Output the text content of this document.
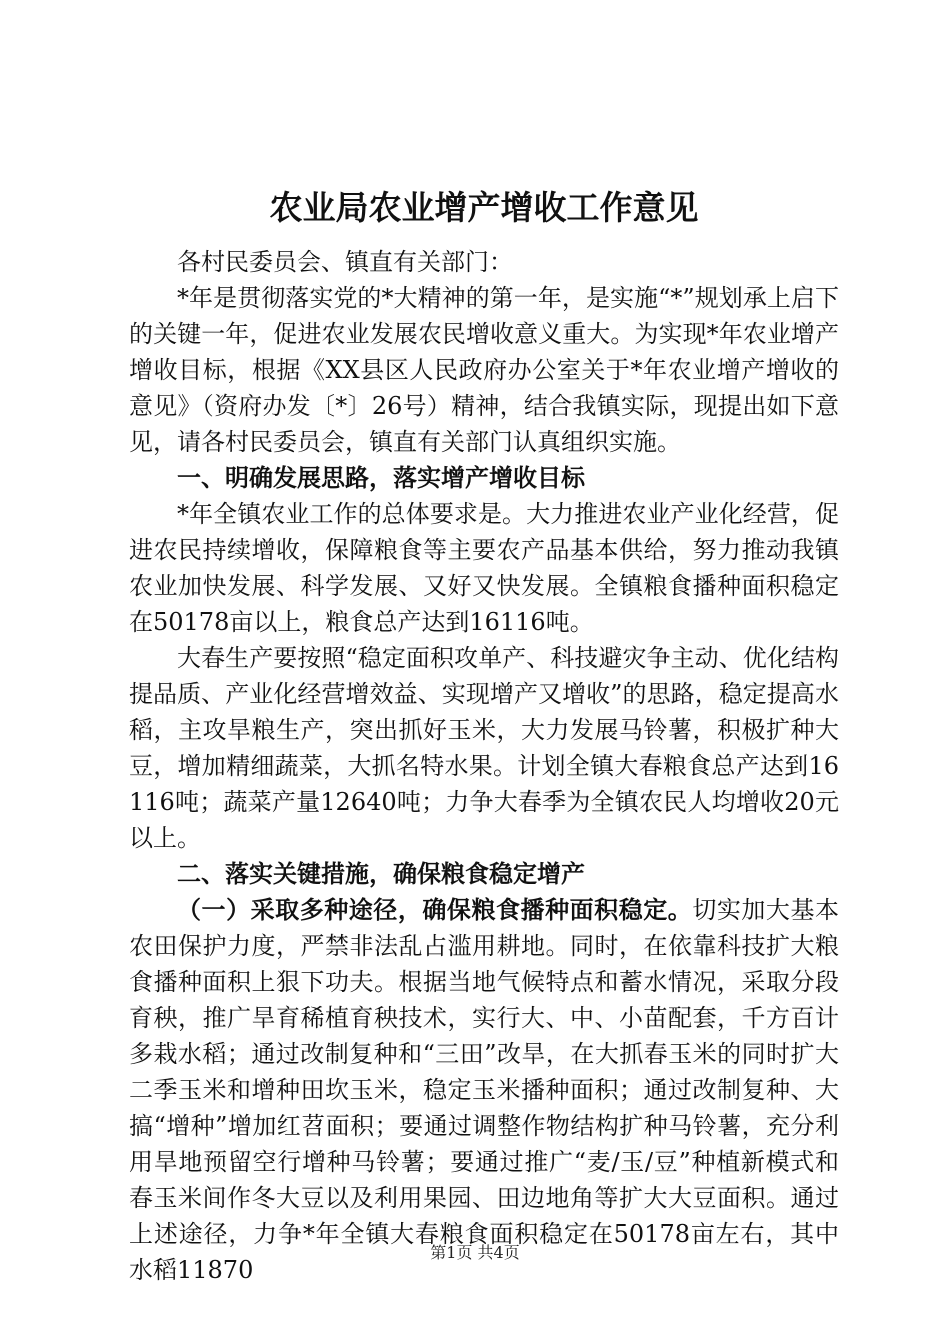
农业局农业增产增收工作意见

各村民委员会、镇直有关部门：

*年是贯彻落实党的*大精神的第一年，是实施“*”规划承上启下的关键一年，促进农业发展农民增收意义重大。为实现*年农业增产增收目标，根据《XX县区人民政府办公室关于*年农业增产增收的意见》（资府办发〔*〕26号）精神，结合我镇实际，现提出如下意见，请各村民委员会，镇直有关部门认真组织实施。

一、明确发展思路，落实增产增收目标

*年全镇农业工作的总体要求是。大力推进农业产业化经营，促进农民持续增收，保障粮食等主要农产品基本供给，努力推动我镇农业加快发展、科学发展、又好又快发展。全镇粮食播种面积稳定在50178亩以上，粮食总产达到16116吨。

大春生产要按照“稳定面积攻单产、科技避灾争主动、优化结构提品质、产业化经营增效益、实现增产又增收”的思路，稳定提高水稻，主攻旱粮生产，突出抓好玉米，大力发展马铃薯，积极扩种大豆，增加精细蔬菜，大抓名特水果。计划全镇大春粮食总产达到16116吨；蔬菜产量12640吨；力争大春季为全镇农民人均增收20元以上。

二、落实关键措施，确保粮食稳定增产

（一）采取多种途径，确保粮食播种面积稳定。切实加大基本农田保护力度，严禁非法乱占滥用耕地。同时，在依靠科技扩大粮食播种面积上狠下功夫。根据当地气候特点和蓄水情况，采取分段育秧，推广旱育稀植育秧技术，实行大、中、小苗配套，千方百计多栽水稻；通过改制复种和“三田”改旱，在大抓春玉米的同时扩大二季玉米和增种田坎玉米，稳定玉米播种面积；通过改制复种、大搞“增种”增加红苕面积；要通过调整作物结构扩种马铃薯，充分利用旱地预留空行增种马铃薯；要通过推广“麦/玉/豆”种植新模式和春玉米间作冬大豆以及利用果园、田边地角等扩大大豆面积。通过上述途径，力争*年全镇大春粮食面积稳定在50178亩左右，其中水稻11870

第1页 共4页
